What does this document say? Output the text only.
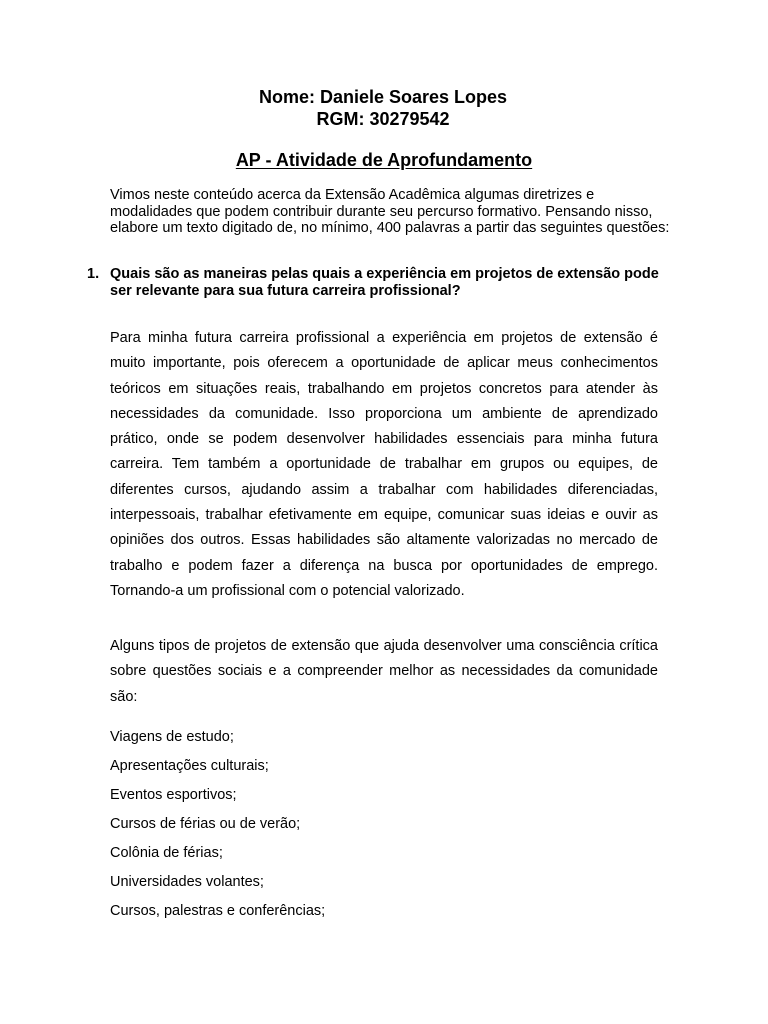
Nome: Daniele Soares Lopes
RGM: 30279542
AP - Atividade de Aprofundamento
Vimos neste conteúdo acerca da Extensão Acadêmica algumas diretrizes e modalidades que podem contribuir durante seu percurso formativo. Pensando nisso, elabore um texto digitado de, no mínimo, 400 palavras a partir das seguintes questões:
1. Quais são as maneiras pelas quais a experiência em projetos de extensão pode ser relevante para sua futura carreira profissional?

Para minha futura carreira profissional a experiência em projetos de extensão é muito importante, pois oferecem a oportunidade de aplicar meus conhecimentos teóricos em situações reais, trabalhando em projetos concretos para atender às necessidades da comunidade. Isso proporciona um ambiente de aprendizado prático, onde se podem desenvolver habilidades essenciais para minha futura carreira. Tem também a oportunidade de trabalhar em grupos ou equipes, de diferentes cursos, ajudando assim a trabalhar com habilidades diferenciadas, interpessoais, trabalhar efetivamente em equipe, comunicar suas ideias e ouvir as opiniões dos outros. Essas habilidades são altamente valorizadas no mercado de trabalho e podem fazer a diferença na busca por oportunidades de emprego. Tornando-a um profissional com o potencial valorizado.

Alguns tipos de projetos de extensão que ajuda desenvolver uma consciência crítica sobre questões sociais e a compreender melhor as necessidades da comunidade são:

Viagens de estudo;
Apresentações culturais;
Eventos esportivos;
Cursos de férias ou de verão;
Colônia de férias;
Universidades volantes;
Cursos, palestras e conferências;
